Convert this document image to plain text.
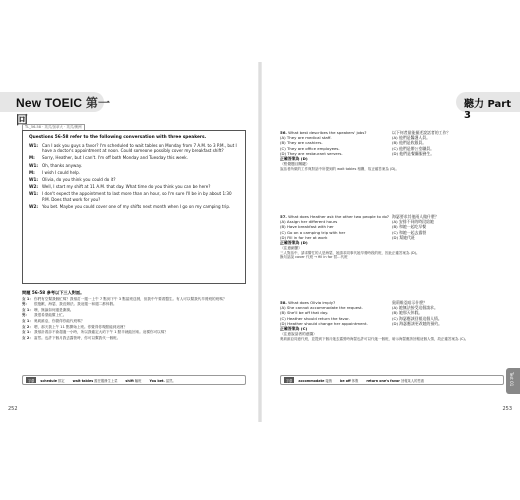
New TOEIC 第一回
TL_56-58 · 英式/加拿大 · 英式/澳洲
Questions 56-58 refer to the following conversation with three speakers.
W1: Can I ask you guys a favor? I'm scheduled to wait tables on Monday from 7 A.M. to 3 P.M., but I have a doctor's appointment at noon. Could someone possibly cover my breakfast shift?
M:	Sorry, Heather, but I can't. I'm off both Monday and Tuesday this week.
W1: Oh, thanks anyway.
M:	I wish I could help.
W1: Olivia, do you think you could do it?
W2: Well, I start my shift at 11 A.M. that day. What time do you think you can be here?
W1: I don't expect the appointment to last more than an hour, so I'm sure I'll be in by about 1:30 P.M. Does that work for you?
W2: You bet. Maybe you could cover one of my shifts next month when I go on my camping trip.
問題 56-58 參考以下三人對話。
女 1： 你們有空幫我個忙嗎？我預訂一週一上午 7 點到下午 3 點當班送餐，但我中午要看醫生。有人可以幫我代早餐班的班嗎？
男：	很抱歉，海瑟，我沒辦法。我這週一和週二都休假。
女 1： 噢，無論如何還是謝謝。
男：	我很希望能幫上忙。
女 1： 奧莉維亞，你覺得你能代班嗎？
女 2： 嗯，那天我上午 11 點開始上班。你覺得你幾點能到這裡？
女 1： 我預計看診不會超過一小時，所以我確定大約下午 1 點半就能回來。這樣你可以嗎？
女 2： 當然。也許下個月我去露營時，你可以幫我代一個班。
字彙	schedule 排定 wait tables 擔任服務生上菜 shift 輪班 You bet. 當然。
252
聽力 Part 3
56. What best describes the speakers' jobs?	以下何者最能描述說話者的工作？
(A) They are medical staff.	(A) 他們是醫護人員。
(B) They are cashiers.	(B) 他們是收銀員。
(C) They are office employees.	(C) 他們是辦公室職員。
(D) They are restaurant servers.	(D) 他們是餐廳服務生。
正確答案為 (D)
〈察覺題目關鍵〉
說話者所做的工作與對話中所提到的 wait tables 相關，故正確答案為 (D)。
57. What does Heather ask the other two people to do? 海瑟要求其他兩人做什麼？
(A) Assign her different hours	(A) 安排不同的時段給她
(B) Have breakfast with her	(B) 和她一起吃早餐
(C) Go on a camping trip with her	(C) 和她一起去露營
(D) Fill in for her at work	(D) 幫她代班
正確答案為 (D)
〈注意細節〉
三人對話中，請求幫忙的人是海瑟，她請求同事代她早餐時段的班，因此正確答案為 (D)。
換句話說 cover 代班 → fill in for 替…代班
58. What does Olivia imply?	奧莉維亞暗示什麼？
(A) She cannot accommodate the request.	(A) 她無法接受這個請求。
(B) She'll be off that day.	(B) 她那天休假。
(C) Heather should return the favor.	(C) 海瑟應該回報這個人情。
(D) Heather should change her appointment.	(D) 海瑟應該更改她的預約。
正確答案為 (C)
〈注意說話者的意圖〉
奧莉維亞同意代班，並提到下個月她去露營時海瑟也許可以代她一個班，暗示海瑟應該回報這個人情，故正確答案為 (C)。
字彙	accommodate 接納 be off 休假 return one's favor 回報某人的恩惠
253
Test 01
